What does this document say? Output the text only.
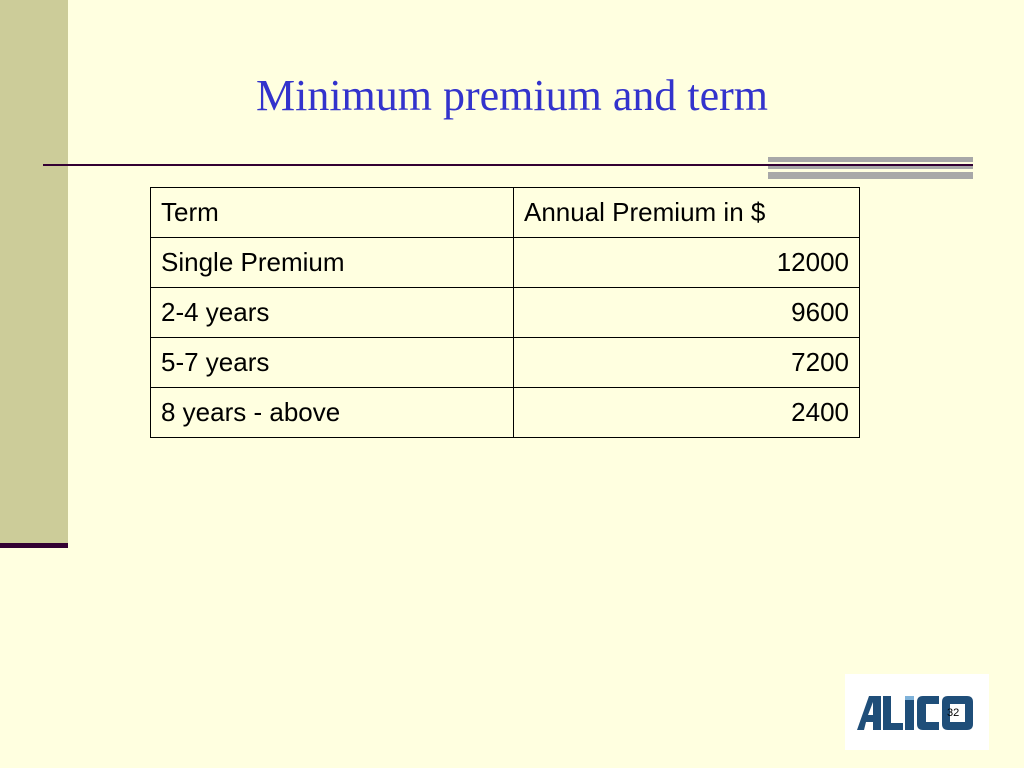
Minimum premium and term
Term	Annual Premium in $
Single Premium	12000
2-4 years	9600
5-7 years	7200
8 years - above	2400
32
